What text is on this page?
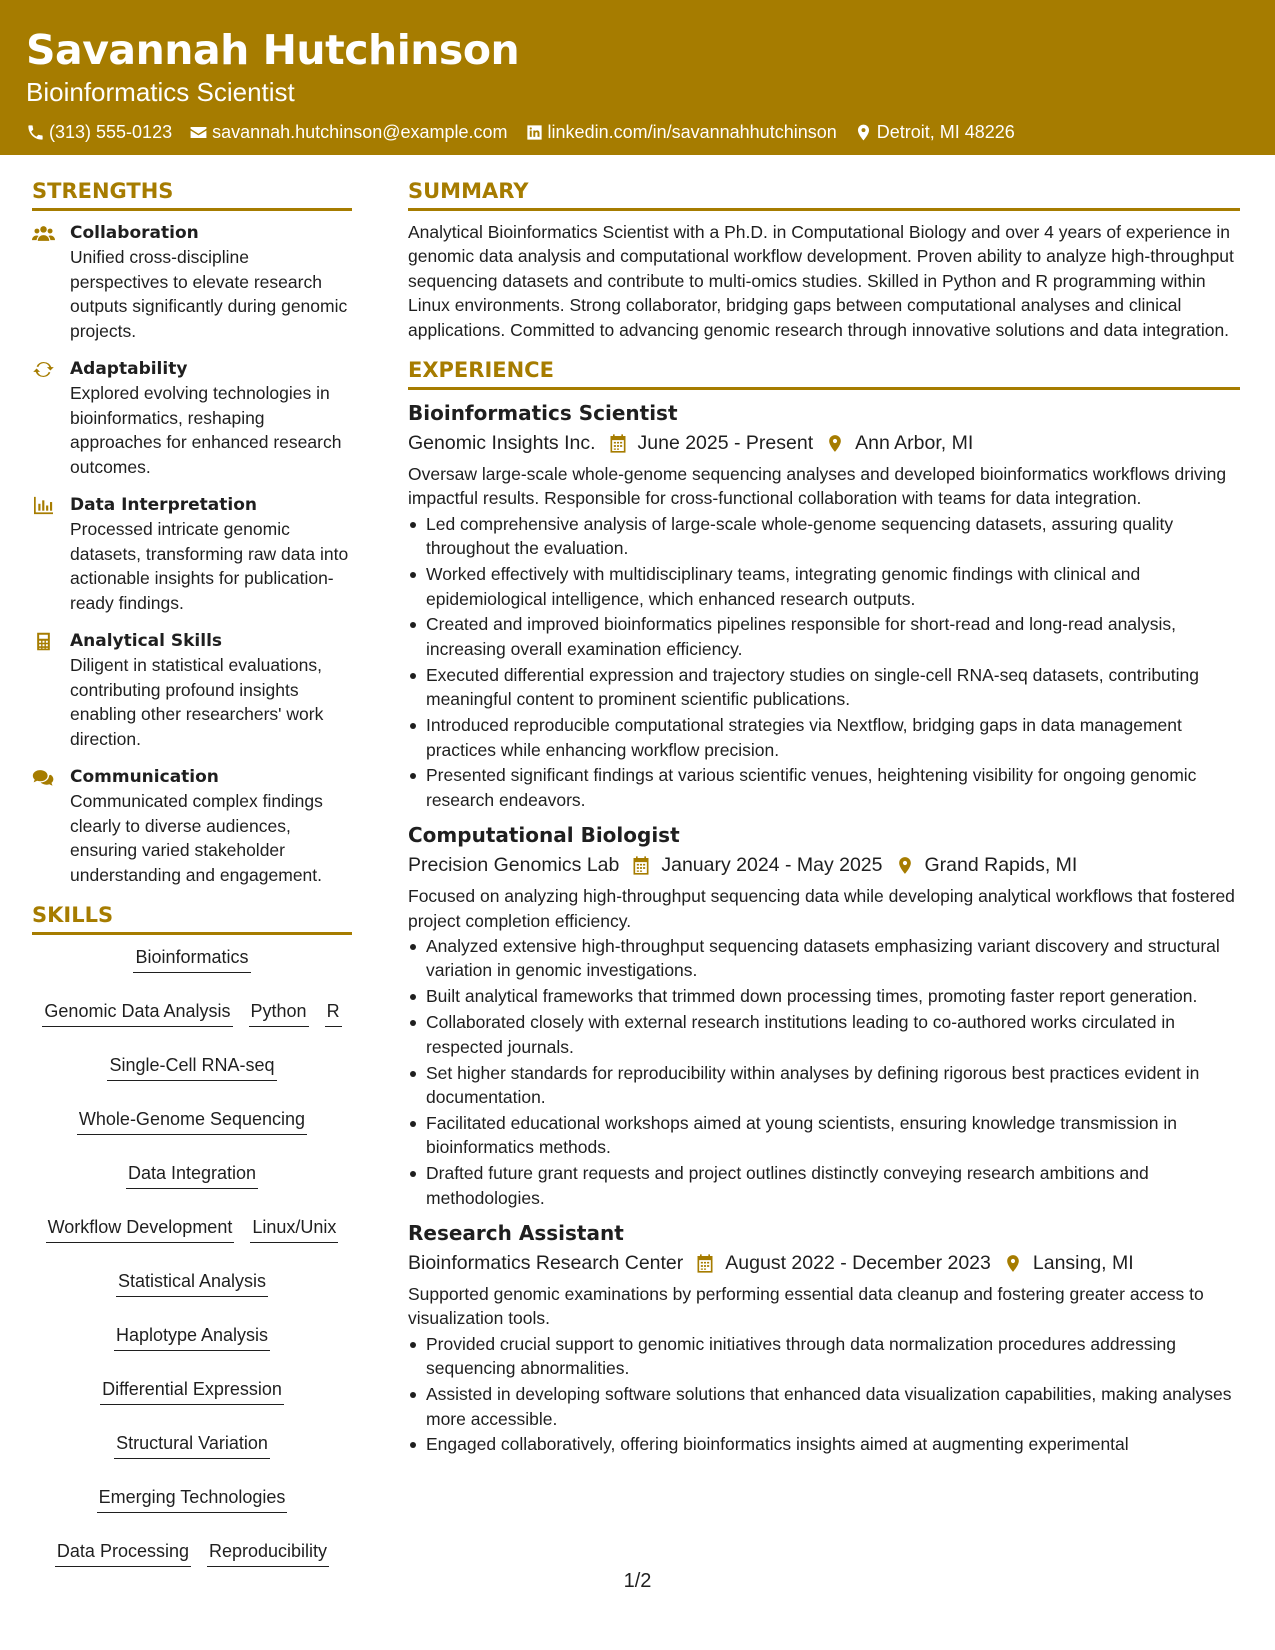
Savannah Hutchinson
Bioinformatics Scientist
(313) 555-0123 savannah.hutchinson@example.com linkedin.com/in/savannahhutchinson Detroit, MI 48226
STRENGTHS
Collaboration
Unified cross-discipline perspectives to elevate research outputs significantly during genomic projects.
Adaptability
Explored evolving technologies in bioinformatics, reshaping approaches for enhanced research outcomes.
Data Interpretation
Processed intricate genomic datasets, transforming raw data into actionable insights for publication-ready findings.
Analytical Skills
Diligent in statistical evaluations, contributing profound insights enabling other researchers' work direction.
Communication
Communicated complex findings clearly to diverse audiences, ensuring varied stakeholder understanding and engagement.
SKILLS
Bioinformatics
Genomic Data Analysis Python R
Single-Cell RNA-seq
Whole-Genome Sequencing
Data Integration
Workflow Development Linux/Unix
Statistical Analysis
Haplotype Analysis
Differential Expression
Structural Variation
Emerging Technologies
Data Processing Reproducibility
SUMMARY
Analytical Bioinformatics Scientist with a Ph.D. in Computational Biology and over 4 years of experience in genomic data analysis and computational workflow development. Proven ability to analyze high-throughput sequencing datasets and contribute to multi-omics studies. Skilled in Python and R programming within Linux environments. Strong collaborator, bridging gaps between computational analyses and clinical applications. Committed to advancing genomic research through innovative solutions and data integration.
EXPERIENCE
Bioinformatics Scientist
Genomic Insights Inc. June 2025 - Present Ann Arbor, MI
Oversaw large-scale whole-genome sequencing analyses and developed bioinformatics workflows driving impactful results. Responsible for cross-functional collaboration with teams for data integration.
Led comprehensive analysis of large-scale whole-genome sequencing datasets, assuring quality throughout the evaluation.
Worked effectively with multidisciplinary teams, integrating genomic findings with clinical and epidemiological intelligence, which enhanced research outputs.
Created and improved bioinformatics pipelines responsible for short-read and long-read analysis, increasing overall examination efficiency.
Executed differential expression and trajectory studies on single-cell RNA-seq datasets, contributing meaningful content to prominent scientific publications.
Introduced reproducible computational strategies via Nextflow, bridging gaps in data management practices while enhancing workflow precision.
Presented significant findings at various scientific venues, heightening visibility for ongoing genomic research endeavors.
Computational Biologist
Precision Genomics Lab January 2024 - May 2025 Grand Rapids, MI
Focused on analyzing high-throughput sequencing data while developing analytical workflows that fostered project completion efficiency.
Analyzed extensive high-throughput sequencing datasets emphasizing variant discovery and structural variation in genomic investigations.
Built analytical frameworks that trimmed down processing times, promoting faster report generation.
Collaborated closely with external research institutions leading to co-authored works circulated in respected journals.
Set higher standards for reproducibility within analyses by defining rigorous best practices evident in documentation.
Facilitated educational workshops aimed at young scientists, ensuring knowledge transmission in bioinformatics methods.
Drafted future grant requests and project outlines distinctly conveying research ambitions and methodologies.
Research Assistant
Bioinformatics Research Center August 2022 - December 2023 Lansing, MI
Supported genomic examinations by performing essential data cleanup and fostering greater access to visualization tools.
Provided crucial support to genomic initiatives through data normalization procedures addressing sequencing abnormalities.
Assisted in developing software solutions that enhanced data visualization capabilities, making analyses more accessible.
Engaged collaboratively, offering bioinformatics insights aimed at augmenting experimental
1/2
